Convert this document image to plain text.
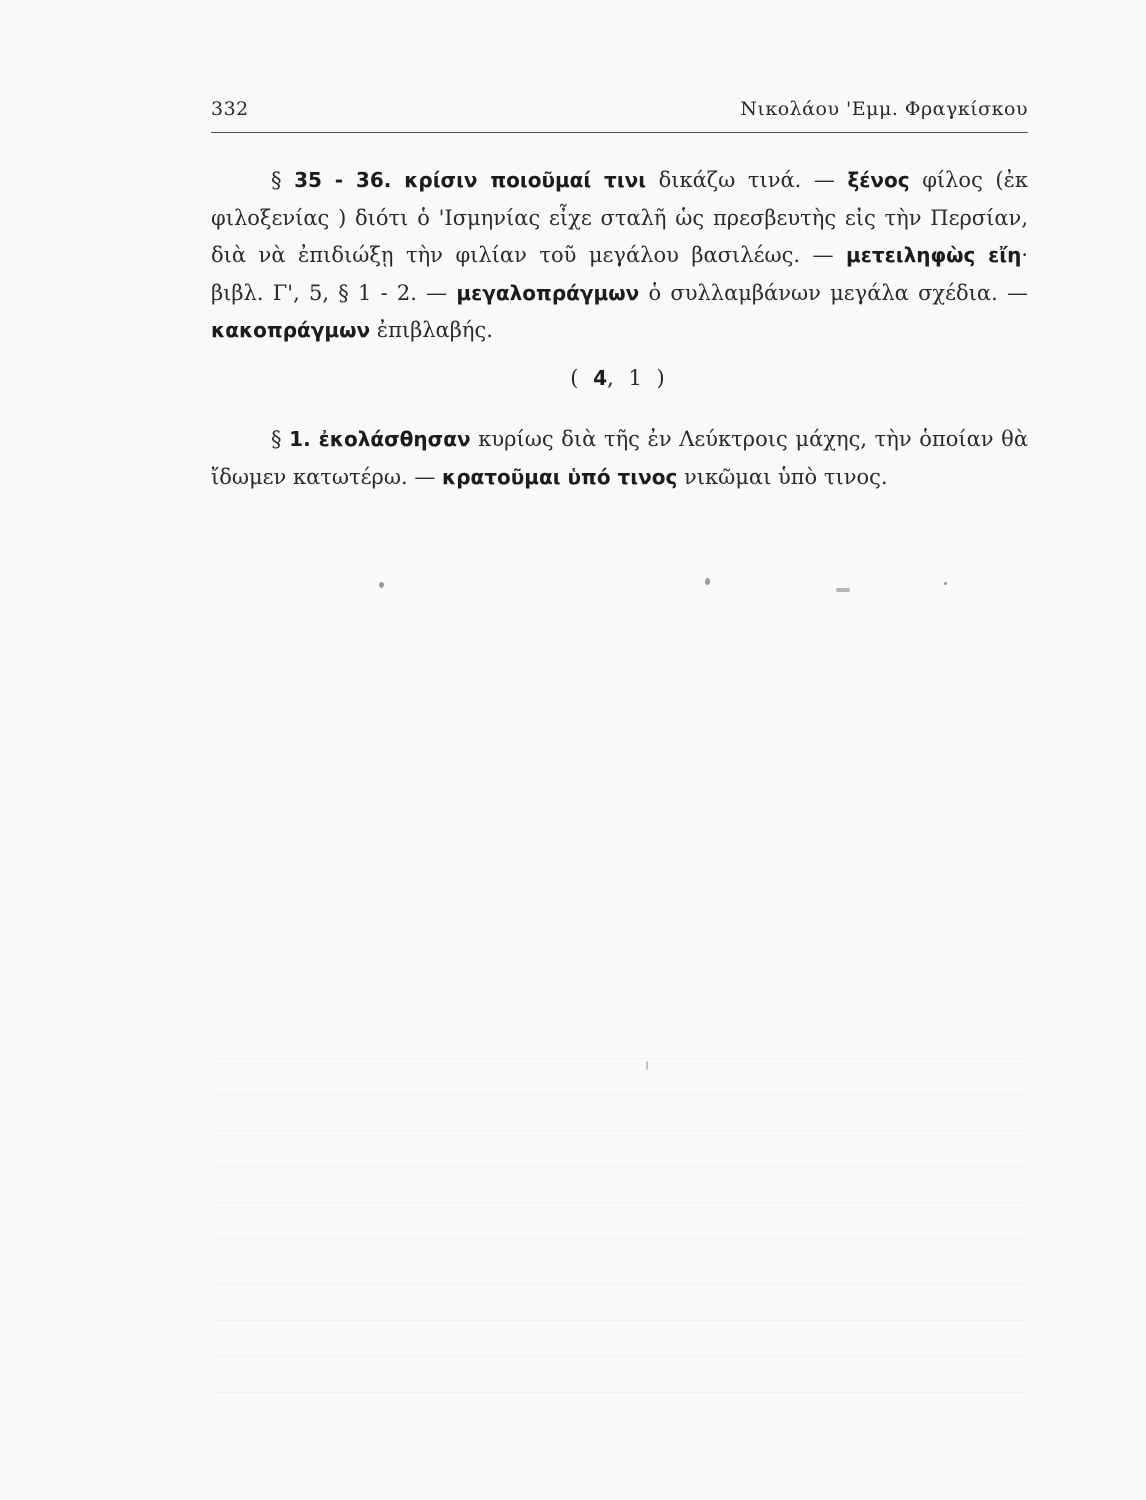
332	Νικολάου 'Εμμ. Φραγκίσκου

§ 35 - 36. κρίσιν ποιοῦμαί τινι δικάζω τινά. — ξένος φίλος (ἐκ φιλοξενίας ) διότι ὁ 'Ισμηνίας εἶχε σταλῆ ὡς πρεσβευτὴς εἰς τὴν Περσίαν, διὰ νὰ ἐπιδιώξῃ τὴν φιλίαν τοῦ μεγάλου βασιλέως. — μετειληφὼς εἴη· βιβλ. Γ', 5, § 1 - 2. — μεγαλοπράγμων ὁ συλλαμβάνων μεγάλα σχέδια. — κακοπράγμων ἐπιβλαβής.

( 4, 1 )

§ 1. ἐκολάσθησαν κυρίως διὰ τῆς ἐν Λεύκτροις μάχης, τὴν ὁποίαν θὰ ἴδωμεν κατωτέρω. — κρατοῦμαι ὑπό τινος νικῶμαι ὑπὸ τινος.
